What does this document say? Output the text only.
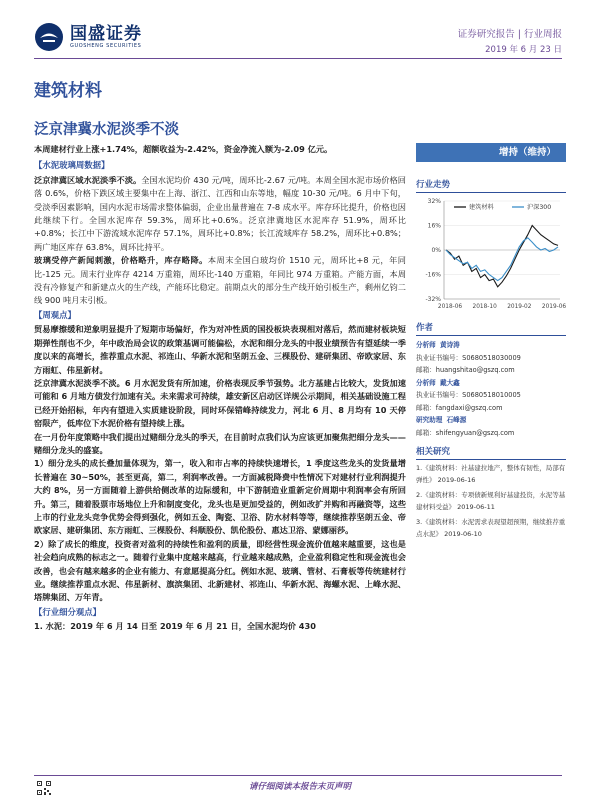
国盛证券
GUOSHENG SECURITIES
证券研究报告 | 行业周报
2019 年 6 月 23 日
建筑材料
泛京津冀水泥淡季不淡

本周建材行业上涨+1.74%，超额收益为-2.42%，资金净流入额为-2.09 亿元。

【水泥玻璃周数据】

泛京津冀区域水泥淡季不淡。全国水泥均价 430 元/吨，周环比-2.67 元/吨。本周全国水泥市场价格回落 0.6%，价格下跌区域主要集中在上海、浙江、江西和山东等地，幅度 10-30 元/吨。6 月中下旬，受淡季因素影响，国内水泥市场需求整体偏弱，企业出量普遍在 7-8 成水平。库存环比提升，价格也因此继续下行。全国水泥库存 59.3%，周环比+0.6%。泛京津冀地区水泥库存 51.9%，周环比+0.8%；长江中下游流域水泥库存 57.1%，周环比+0.8%；长江流域库存 58.2%，周环比+0.8%；两广地区库存 63.8%，周环比持平。

玻璃受停产新闻刺激，价格略升，库存略降。本周末全国白玻均价 1510 元，周环比+8 元，年同比-125 元。周末行业库存 4214 万重箱，周环比-140 万重箱，年同比 974 万重箱。产能方面，本周没有冷修复产和新建点火的生产线，产能环比稳定。前期点火的部分生产线开始引板生产，剩州亿钧二线 900 吨月末引板。

【周观点】

贸易摩擦缓和逆象明显提升了短期市场偏好，作为对冲性质的国投板块表现相对落后，然而建材板块短期弹性削也不少，年中政治局会议的政策基调可能偏松，水泥和细分龙头的中报业绩预告有望延续一季度以来的高增长，推荐重点水泥、祁连山、华新水泥和坚朗五金、三棵股份、建研集团、帝欧家居、东方雨虹、伟星新材。

泛京津冀水泥淡季不淡。6 月水泥发货有所加速，价格表现反季节强势。北方基建占比较大，发货加速可能和 6 月地方债发行加速有关。未来需求可持续，雄安新区启动区详规公示期间，相关基础设施工程已经开始招标，年内有望进入实质建设阶段，同时环保错峰持续发力，河北 6 月、8 月均有 10 天停窑限产，低库位下水泥价格有望持续上涨。

在一月份年度策略中我们提出过赌细分龙头的季天，在目前时点我们认为应该更加聚焦把细分龙头——赌细分龙头的盛宴。

1）细分龙头的成长叠加量体现为，第一，收入和市占率的持续快速增长，1 季度这些龙头的发货量增长普遍在 30~50%，甚至更高，第二，利润率改善。一方面减税降费中性情况下对建材行业利润提升大约 8%，另一方面随着上游供给侧改革的边际缓和，中下游制造业重新定价周期中利润率会有所回升。第三，随着股票市场地位上升和制度变化，龙头也是更加受益的，例如改扩并购和再融资等，这些上市的行业龙头竞争优势会得到强化，例如五金、陶瓷、卫浴、防水材料等等，继续推荐坚朗五金、帝欧家居、建研集团、东方雨虹、三棵股份、科顺股份、凯伦股份、惠达卫浴、蒙娜丽莎。

2）除了成长的维度，投资者对盈利的持续性和盈利的质量，即经营性现金流价值越来越重要，这也是社会趋向成熟的标志之一。随着行业集中度越来越高，行业越来越成熟，企业盈利稳定性和现金流也会改善，也会有越来越多的企业有能力、有意愿提高分红。例如水泥、玻璃、管材、石膏板等传统建材行业。继续推荐重点水泥、伟星新材、旗滨集团、北新建材、祁连山、华新水泥、海螺水泥、上峰水泥、塔牌集团、万年青。

【行业细分观点】

1. 水泥：2019 年 6 月 14 日至 2019 年 6 月 21 日，全国水泥均价 430

增持（维持）
行业走势
32%
16%
0%
-16%
-32%
2018-06 2018-10 2019-02 2019-06
建筑材料	沪深300
作者
分析师 黄诗涛
执业证书编号：S0680518030009
邮箱：huangshitao@gszq.com
分析师 戴大鑫
执业证书编号：S0680518010005
邮箱：fangdaxi@gszq.com
研究助理 石峰源
邮箱：shifengyuan@gszq.com
相关研究
1.《建筑材料：社基建拉地产，整体有韧性，局部有弹性》 2019-06-16
2.《建筑材料：专项债新规利好基建投资，水泥等基建材料受益》 2019-06-11
3.《建筑材料：水泥需求表现望超预期，继续推荐重点水泥》 2019-06-10
请仔细阅读本报告末页声明
